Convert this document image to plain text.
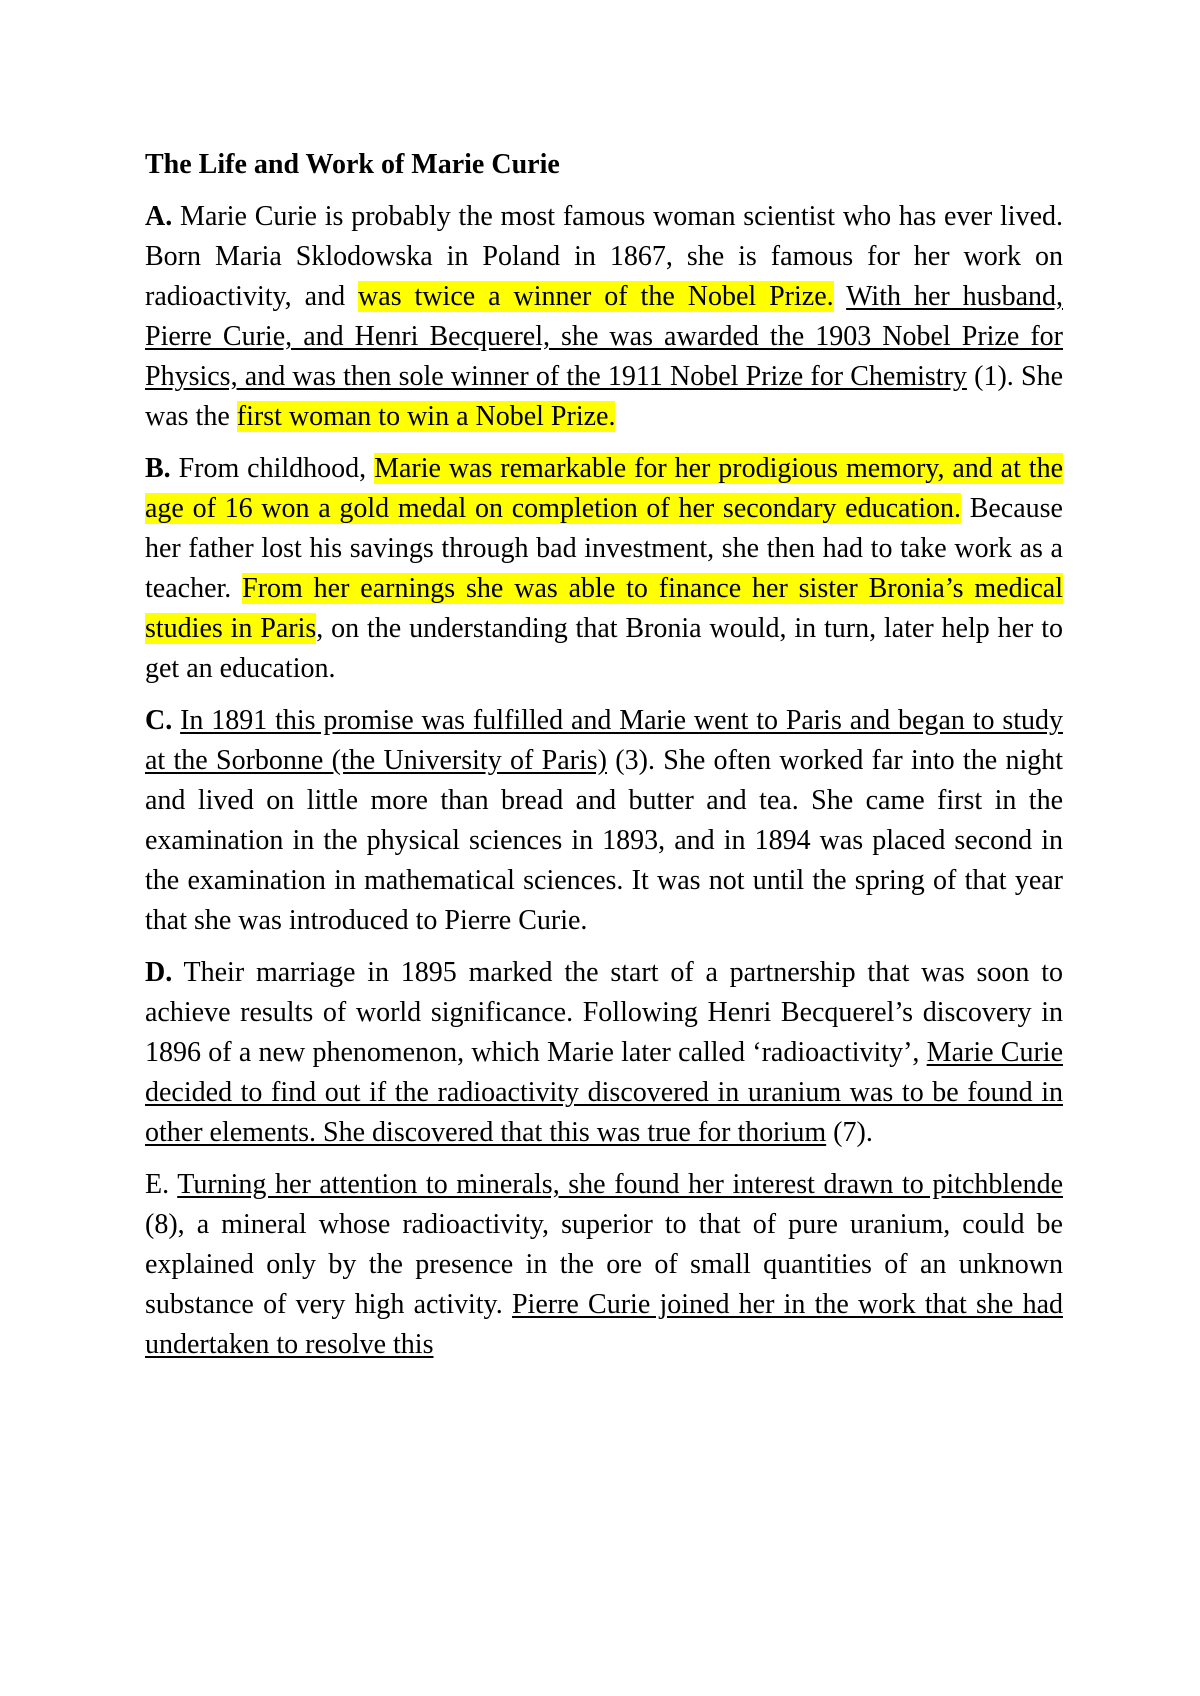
The Life and Work of Marie Curie

A. Marie Curie is probably the most famous woman scientist who has ever lived. Born Maria Sklodowska in Poland in 1867, she is famous for her work on radioactivity, and was twice a winner of the Nobel Prize. With her husband, Pierre Curie, and Henri Becquerel, she was awarded the 1903 Nobel Prize for Physics, and was then sole winner of the 1911 Nobel Prize for Chemistry (1). She was the first woman to win a Nobel Prize.

B. From childhood, Marie was remarkable for her prodigious memory, and at the age of 16 won a gold medal on completion of her secondary education. Because her father lost his savings through bad investment, she then had to take work as a teacher. From her earnings she was able to finance her sister Bronia’s medical studies in Paris, on the understanding that Bronia would, in turn, later help her to get an education.

C. In 1891 this promise was fulfilled and Marie went to Paris and began to study at the Sorbonne (the University of Paris) (3). She often worked far into the night and lived on little more than bread and butter and tea. She came first in the examination in the physical sciences in 1893, and in 1894 was placed second in the examination in mathematical sciences. It was not until the spring of that year that she was introduced to Pierre Curie.

D. Their marriage in 1895 marked the start of a partnership that was soon to achieve results of world significance. Following Henri Becquerel’s discovery in 1896 of a new phenomenon, which Marie later called ‘radioactivity’, Marie Curie decided to find out if the radioactivity discovered in uranium was to be found in other elements. She discovered that this was true for thorium (7).

E. Turning her attention to minerals, she found her interest drawn to pitchblende (8), a mineral whose radioactivity, superior to that of pure uranium, could be explained only by the presence in the ore of small quantities of an unknown substance of very high activity. Pierre Curie joined her in the work that she had undertaken to resolve this
